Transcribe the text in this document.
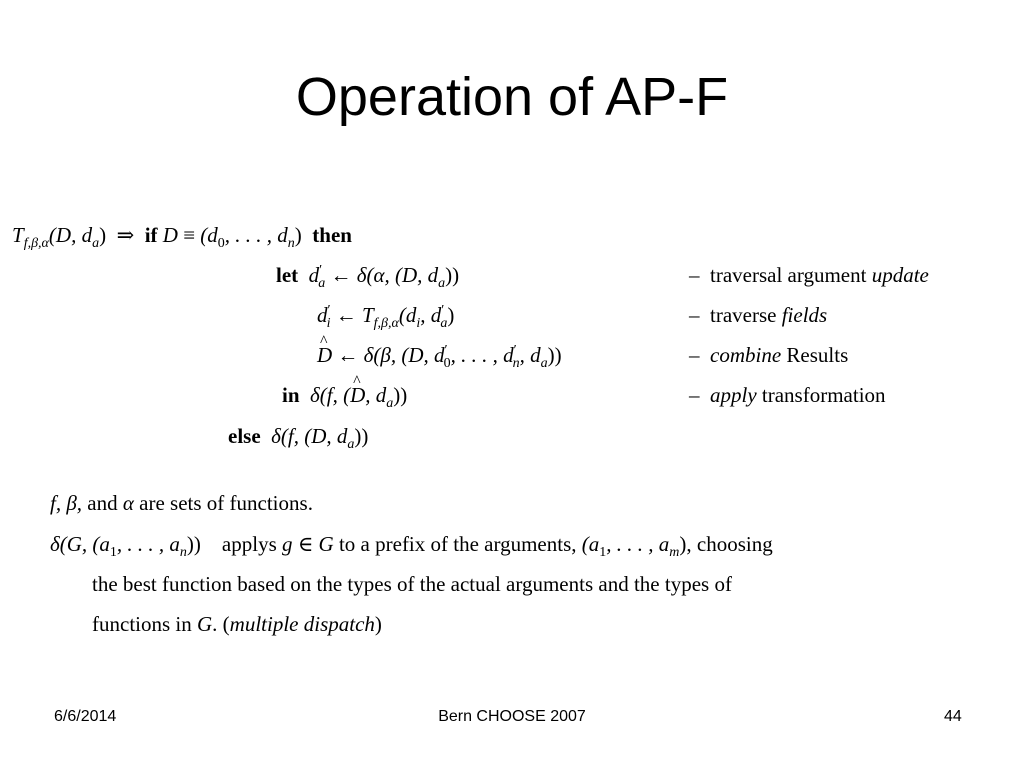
Operation of AP-F
$T_{f,\beta,\alpha}(D$, $d_a$) ⇒ if $D \equiv (d_0$, . . . , $d_n$) then
let $d'_a$ ← δ(α, (D, $d_a$))	– traversal argument update
$d'_i$ ← $T_{f,\beta,\alpha}(d_i$, $d'_a$)	– traverse fields
^ D ← δ(β, (D, $d'_0$, . . . , $d'_n$, $d_a$))	– combine Results
in δ(f, (^ D, $d_a$))	– apply transformation
else δ(f, (D, $d_a$))
f, β, and α are sets of functions.
δ(G, ($a_1$, . . . , $a_n$)) applys g ∈ G to a prefix of the arguments, ($a_1$, . . . , $a_m$), choosing
the best function based on the types of the actual arguments and the types of
functions in G. (multiple dispatch)
6/6/2014	Bern CHOOSE 2007	44
